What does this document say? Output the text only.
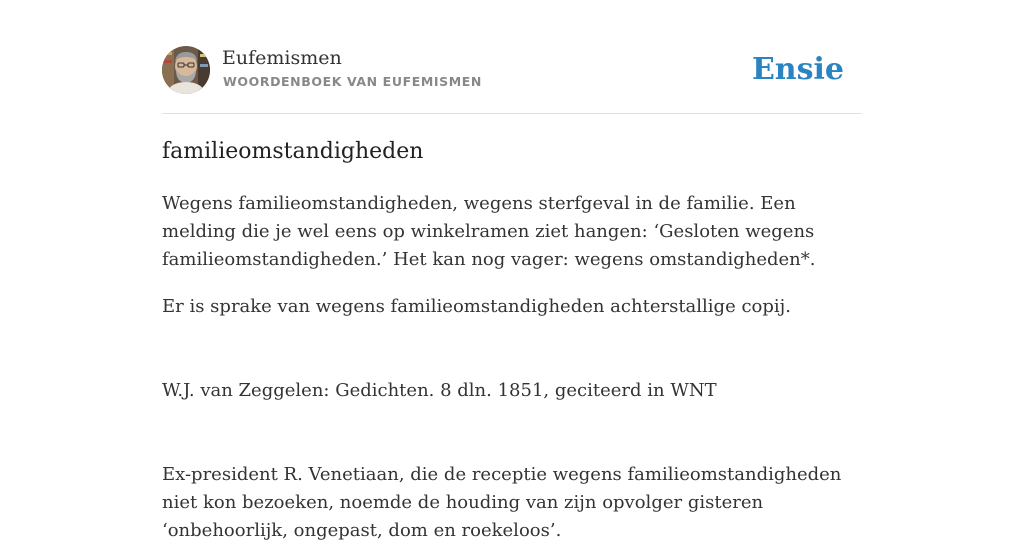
Eufemismen
WOORDENBOEK VAN EUFEMISMEN	Ensie
familieomstandigheden

Wegens familieomstandigheden, wegens sterfgeval in de familie. Een melding die je wel eens op winkelramen ziet hangen: ‘Gesloten wegens familieomstandigheden.’ Het kan nog vager: wegens omstandigheden*.

Er is sprake van wegens familieomstandigheden achterstallige copij.

W.J. van Zeggelen: Gedichten. 8 dln. 1851, geciteerd in WNT

Ex-president R. Venetiaan, die de receptie wegens familieomstandigheden niet kon bezoeken, noemde de houding van zijn opvolger gisteren ‘onbehoorlijk, ongepast, dom en roekeloos’.
